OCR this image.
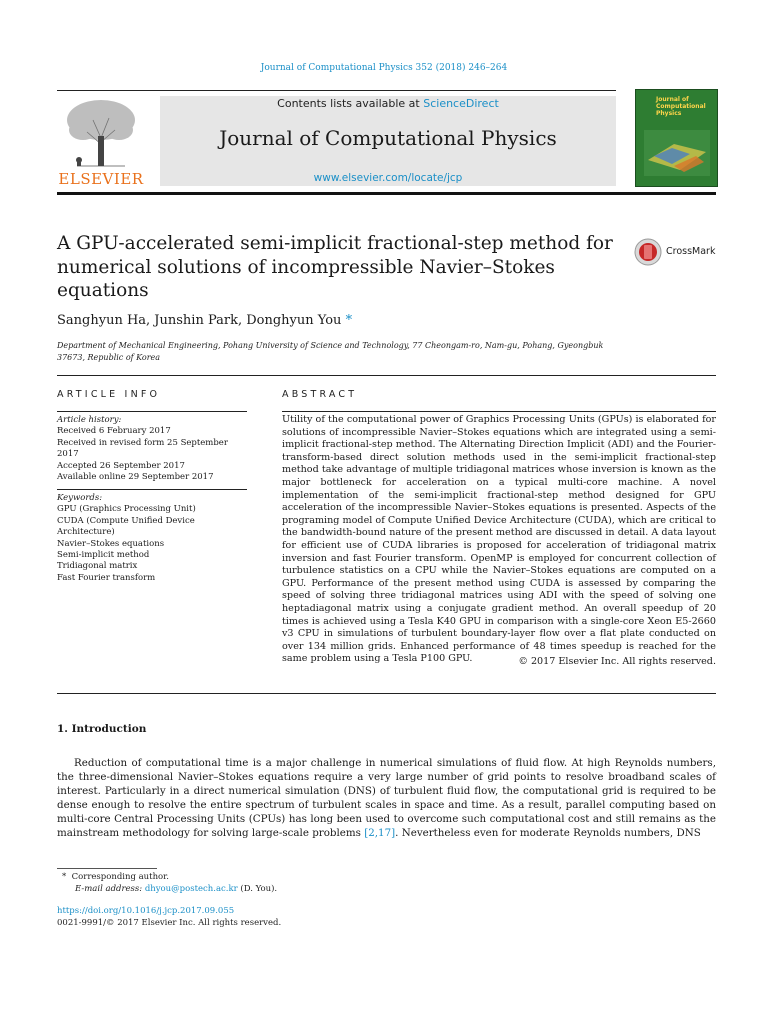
Journal of Computational Physics 352 (2018) 246–264
ELSEVIER
Contents lists available at ScienceDirect
Journal of Computational Physics
www.elsevier.com/locate/jcp
Journal of
Computational
Physics
A GPU-accelerated semi-implicit fractional-step method for numerical solutions of incompressible Navier–Stokes equations
CrossMark
Sanghyun Ha, Junshin Park, Donghyun You *
Department of Mechanical Engineering, Pohang University of Science and Technology, 77 Cheongam-ro, Nam-gu, Pohang, Gyeongbuk 37673, Republic of Korea
ARTICLE INFO
Article history:
Received 6 February 2017
Received in revised form 25 September
2017
Accepted 26 September 2017
Available online 29 September 2017
Keywords:
GPU (Graphics Processing Unit)
CUDA (Compute Unified Device
Architecture)
Navier–Stokes equations
Semi-implicit method
Tridiagonal matrix
Fast Fourier transform
ABSTRACT
Utility of the computational power of Graphics Processing Units (GPUs) is elaborated for solutions of incompressible Navier–Stokes equations which are integrated using a semi-implicit fractional-step method. The Alternating Direction Implicit (ADI) and the Fourier-transform-based direct solution methods used in the semi-implicit fractional-step method take advantage of multiple tridiagonal matrices whose inversion is known as the major bottleneck for acceleration on a typical multi-core machine. A novel implementation of the semi-implicit fractional-step method designed for GPU acceleration of the incompressible Navier–Stokes equations is presented. Aspects of the programing model of Compute Unified Device Architecture (CUDA), which are critical to the bandwidth-bound nature of the present method are discussed in detail. A data layout for efficient use of CUDA libraries is proposed for acceleration of tridiagonal matrix inversion and fast Fourier transform. OpenMP is employed for concurrent collection of turbulence statistics on a CPU while the Navier–Stokes equations are computed on a GPU. Performance of the present method using CUDA is assessed by comparing the speed of solving three tridiagonal matrices using ADI with the speed of solving one heptadiagonal matrix using a conjugate gradient method. An overall speedup of 20 times is achieved using a Tesla K40 GPU in comparison with a single-core Xeon E5-2660 v3 CPU in simulations of turbulent boundary-layer flow over a flat plate conducted on over 134 million grids. Enhanced performance of 48 times speedup is reached for the same problem using a Tesla P100 GPU.	© 2017 Elsevier Inc. All rights reserved.
1. Introduction
Reduction of computational time is a major challenge in numerical simulations of fluid flow. At high Reynolds numbers, the three-dimensional Navier–Stokes equations require a very large number of grid points to resolve broadband scales of interest. Particularly in a direct numerical simulation (DNS) of turbulent fluid flow, the computational grid is required to be dense enough to resolve the entire spectrum of turbulent scales in space and time. As a result, parallel computing based on multi-core Central Processing Units (CPUs) has long been used to overcome such computational cost and still remains as the mainstream methodology for solving large-scale problems [2,17]. Nevertheless even for moderate Reynolds numbers, DNS
* Corresponding author.
E-mail address: dhyou@postech.ac.kr (D. You).
https://doi.org/10.1016/j.jcp.2017.09.055
0021-9991/© 2017 Elsevier Inc. All rights reserved.
